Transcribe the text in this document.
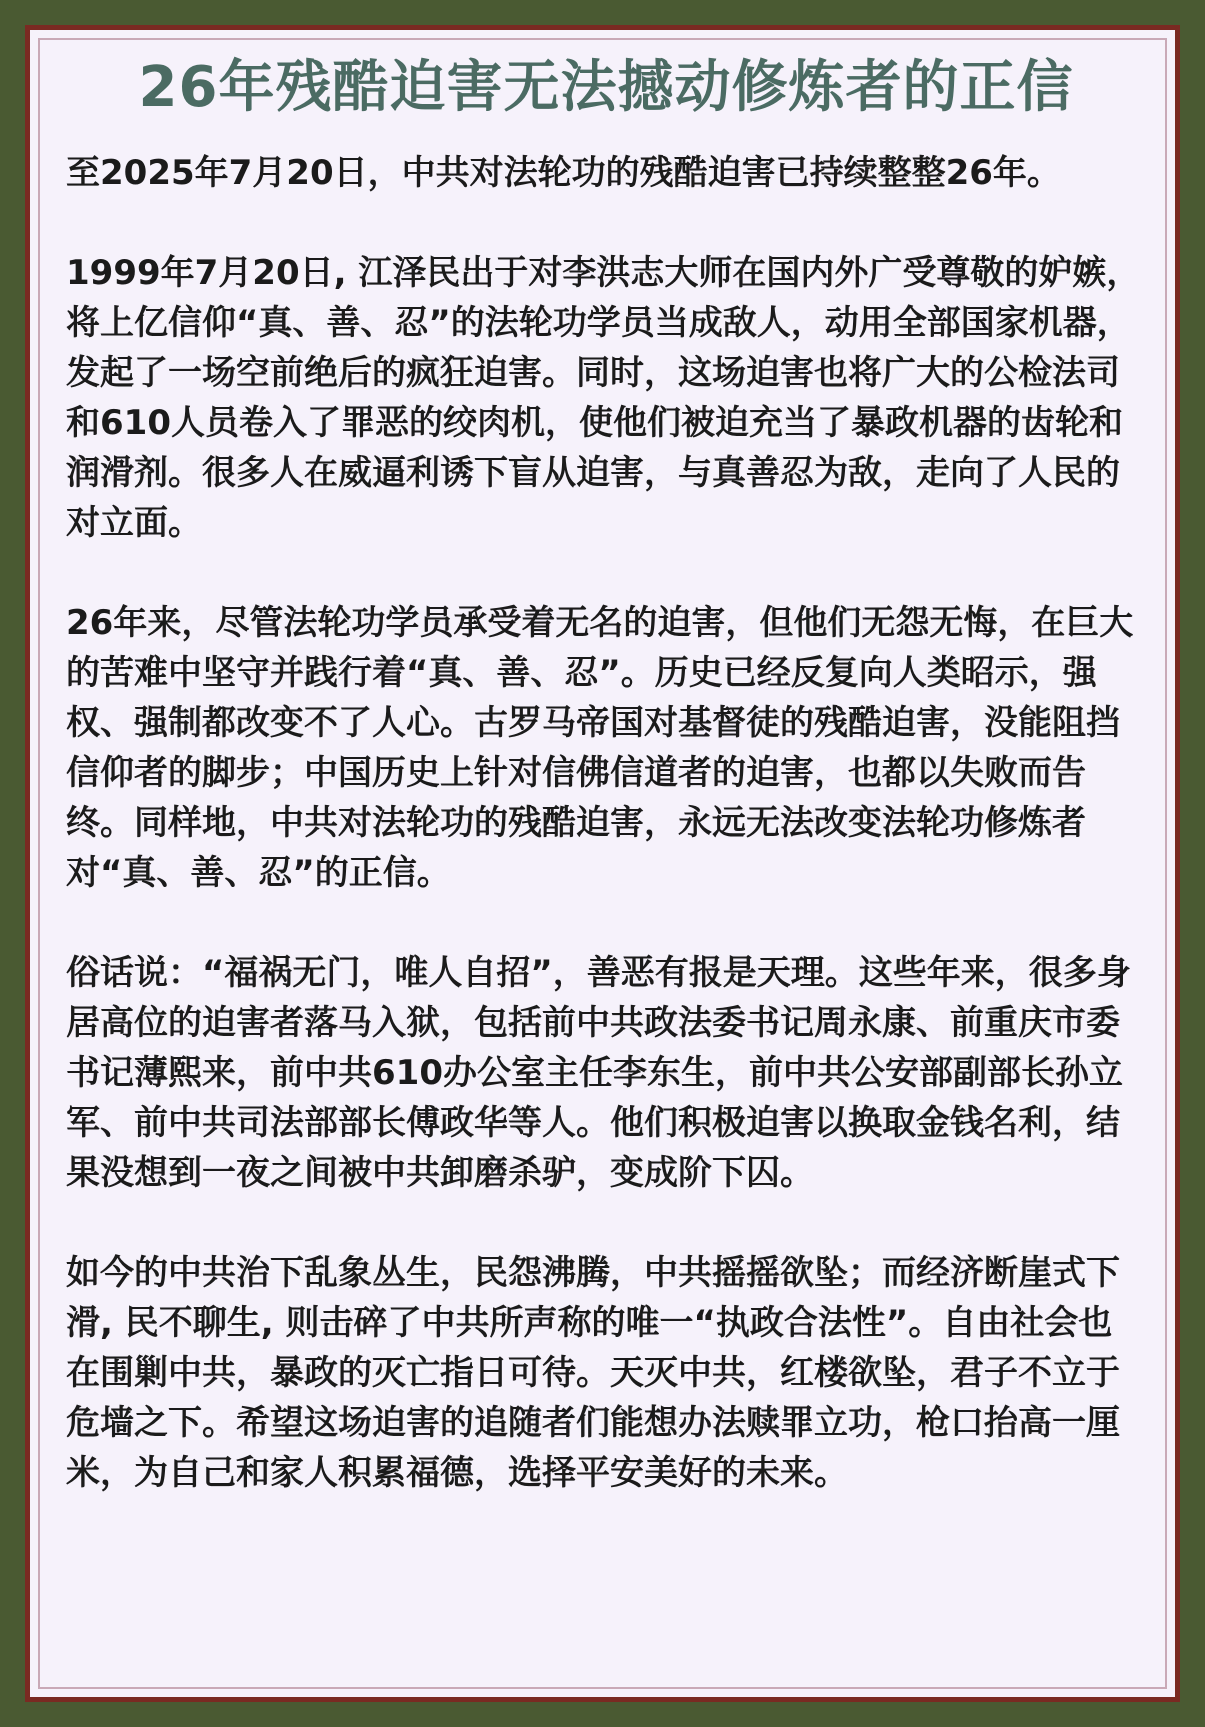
26年残酷迫害无法撼动修炼者的正信

至2025年7月20日，中共对法轮功的残酷迫害已持续整整26年。

1999年7月20日, 江泽民出于对李洪志大师在国内外广受尊敬的妒嫉，将上亿信仰“真、善、忍”的法轮功学员当成敌人，动用全部国家机器，发起了一场空前绝后的疯狂迫害。同时，这场迫害也将广大的公检法司和610人员卷入了罪恶的绞肉机，使他们被迫充当了暴政机器的齿轮和润滑剂。很多人在威逼利诱下盲从迫害，与真善忍为敌，走向了人民的对立面。

26年来，尽管法轮功学员承受着无名的迫害，但他们无怨无悔，在巨大的苦难中坚守并践行着“真、善、忍”。历史已经反复向人类昭示，强权、强制都改变不了人心。古罗马帝国对基督徒的残酷迫害，没能阻挡信仰者的脚步；中国历史上针对信佛信道者的迫害，也都以失败而告终。同样地，中共对法轮功的残酷迫害，永远无法改变法轮功修炼者对“真、善、忍”的正信。

俗话说：“福祸无门，唯人自招”，善恶有报是天理。这些年来，很多身居高位的迫害者落马入狱，包括前中共政法委书记周永康、前重庆市委书记薄熙来，前中共610办公室主任李东生，前中共公安部副部长孙立军、前中共司法部部长傅政华等人。他们积极迫害以换取金钱名利，结果没想到一夜之间被中共卸磨杀驴，变成阶下囚。

如今的中共治下乱象丛生，民怨沸腾，中共摇摇欲坠；而经济断崖式下滑, 民不聊生, 则击碎了中共所声称的唯一“执政合法性”。自由社会也在围剿中共，暴政的灭亡指日可待。天灭中共，红楼欲坠，君子不立于危墙之下。希望这场迫害的追随者们能想办法赎罪立功，枪口抬高一厘米，为自己和家人积累福德，选择平安美好的未来。
